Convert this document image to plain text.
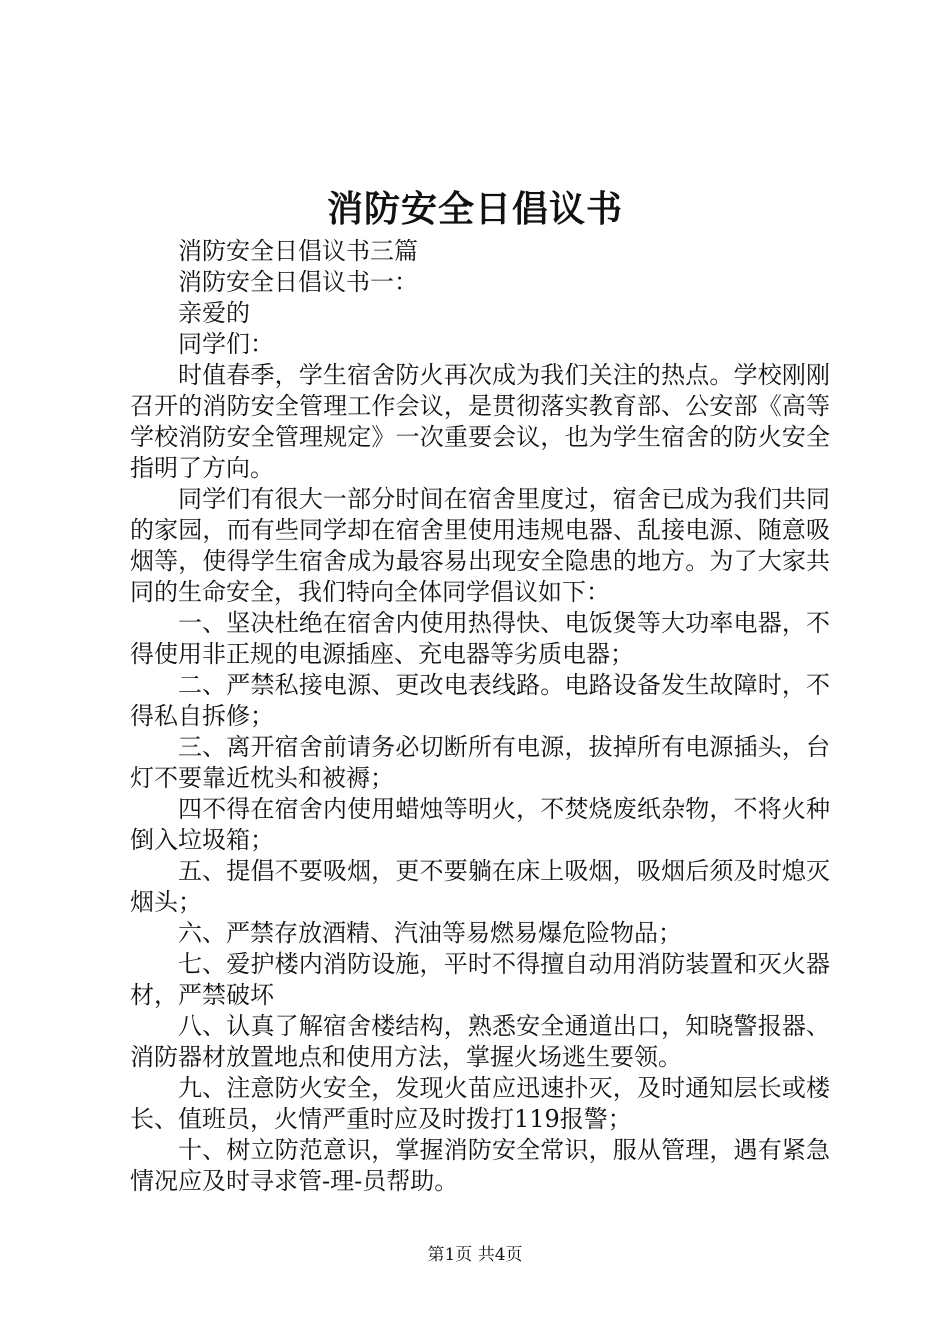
消防安全日倡议书

消防安全日倡议书三篇

消防安全日倡议书一：

亲爱的

同学们：

时值春季，学生宿舍防火再次成为我们关注的热点。学校刚刚召开的消防安全管理工作会议，是贯彻落实教育部、公安部《高等学校消防安全管理规定》一次重要会议，也为学生宿舍的防火安全指明了方向。

同学们有很大一部分时间在宿舍里度过，宿舍已成为我们共同的家园，而有些同学却在宿舍里使用违规电器、乱接电源、随意吸烟等，使得学生宿舍成为最容易出现安全隐患的地方。为了大家共同的生命安全，我们特向全体同学倡议如下：

一、坚决杜绝在宿舍内使用热得快、电饭煲等大功率电器，不得使用非正规的电源插座、充电器等劣质电器；

二、严禁私接电源、更改电表线路。电路设备发生故障时，不得私自拆修；

三、离开宿舍前请务必切断所有电源，拔掉所有电源插头，台灯不要靠近枕头和被褥；

四不得在宿舍内使用蜡烛等明火，不焚烧废纸杂物，不将火种倒入垃圾箱；

五、提倡不要吸烟，更不要躺在床上吸烟，吸烟后须及时熄灭烟头；

六、严禁存放酒精、汽油等易燃易爆危险物品；

七、爱护楼内消防设施，平时不得擅自动用消防装置和灭火器材，严禁破坏

八、认真了解宿舍楼结构，熟悉安全通道出口，知晓警报器、消防器材放置地点和使用方法，掌握火场逃生要领。

九、注意防火安全，发现火苗应迅速扑灭，及时通知层长或楼长、值班员，火情严重时应及时拨打119报警；

十、树立防范意识，掌握消防安全常识，服从管理，遇有紧急情况应及时寻求管-理-员帮助。

第1页 共4页
